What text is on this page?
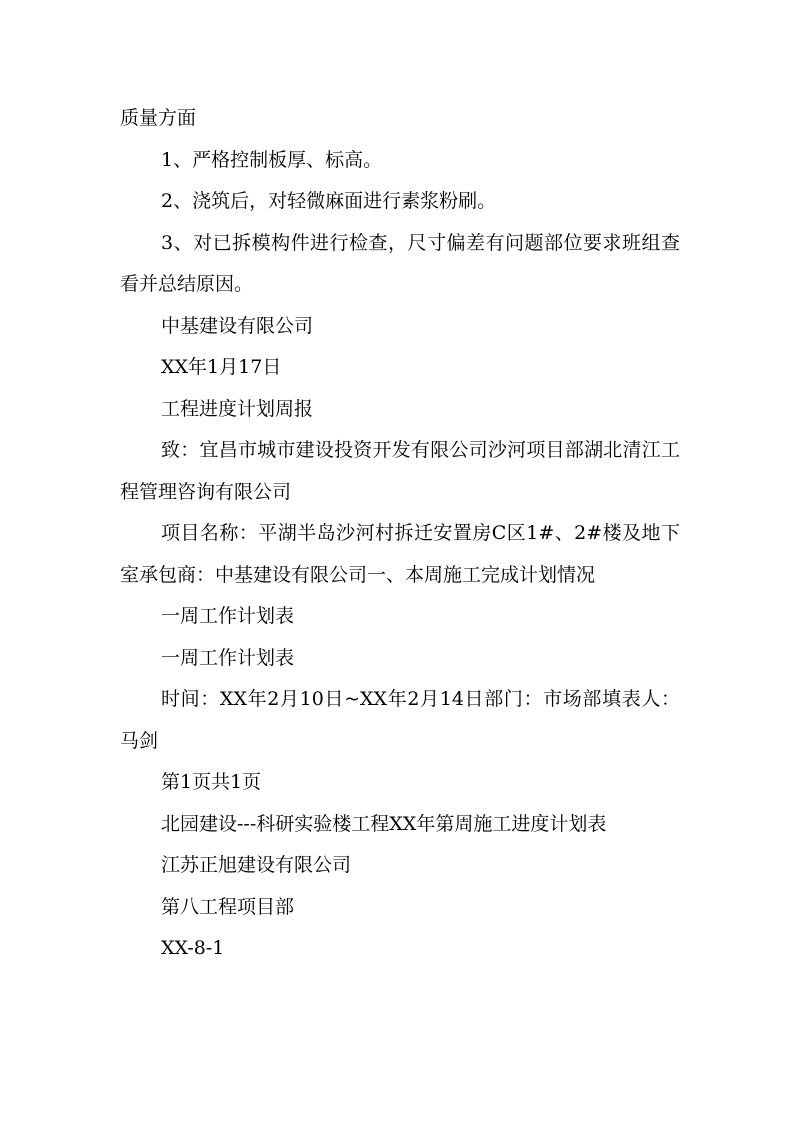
质量方面

1、严格控制板厚、标高。

2、浇筑后，对轻微麻面进行素浆粉刷。

3、对已拆模构件进行检查，尺寸偏差有问题部位要求班组查看并总结原因。

中基建设有限公司

XX年1月17日

工程进度计划周报

致：宜昌市城市建设投资开发有限公司沙河项目部湖北清江工程管理咨询有限公司

项目名称：平湖半岛沙河村拆迁安置房C区1#、2#楼及地下室承包商：中基建设有限公司一、本周施工完成计划情况

一周工作计划表

一周工作计划表

时间：XX年2月10日~XX年2月14日部门：市场部填表人：马剑

第1页共1页

北园建设---科研实验楼工程XX年第周施工进度计划表

江苏正旭建设有限公司

第八工程项目部

XX-8-1
